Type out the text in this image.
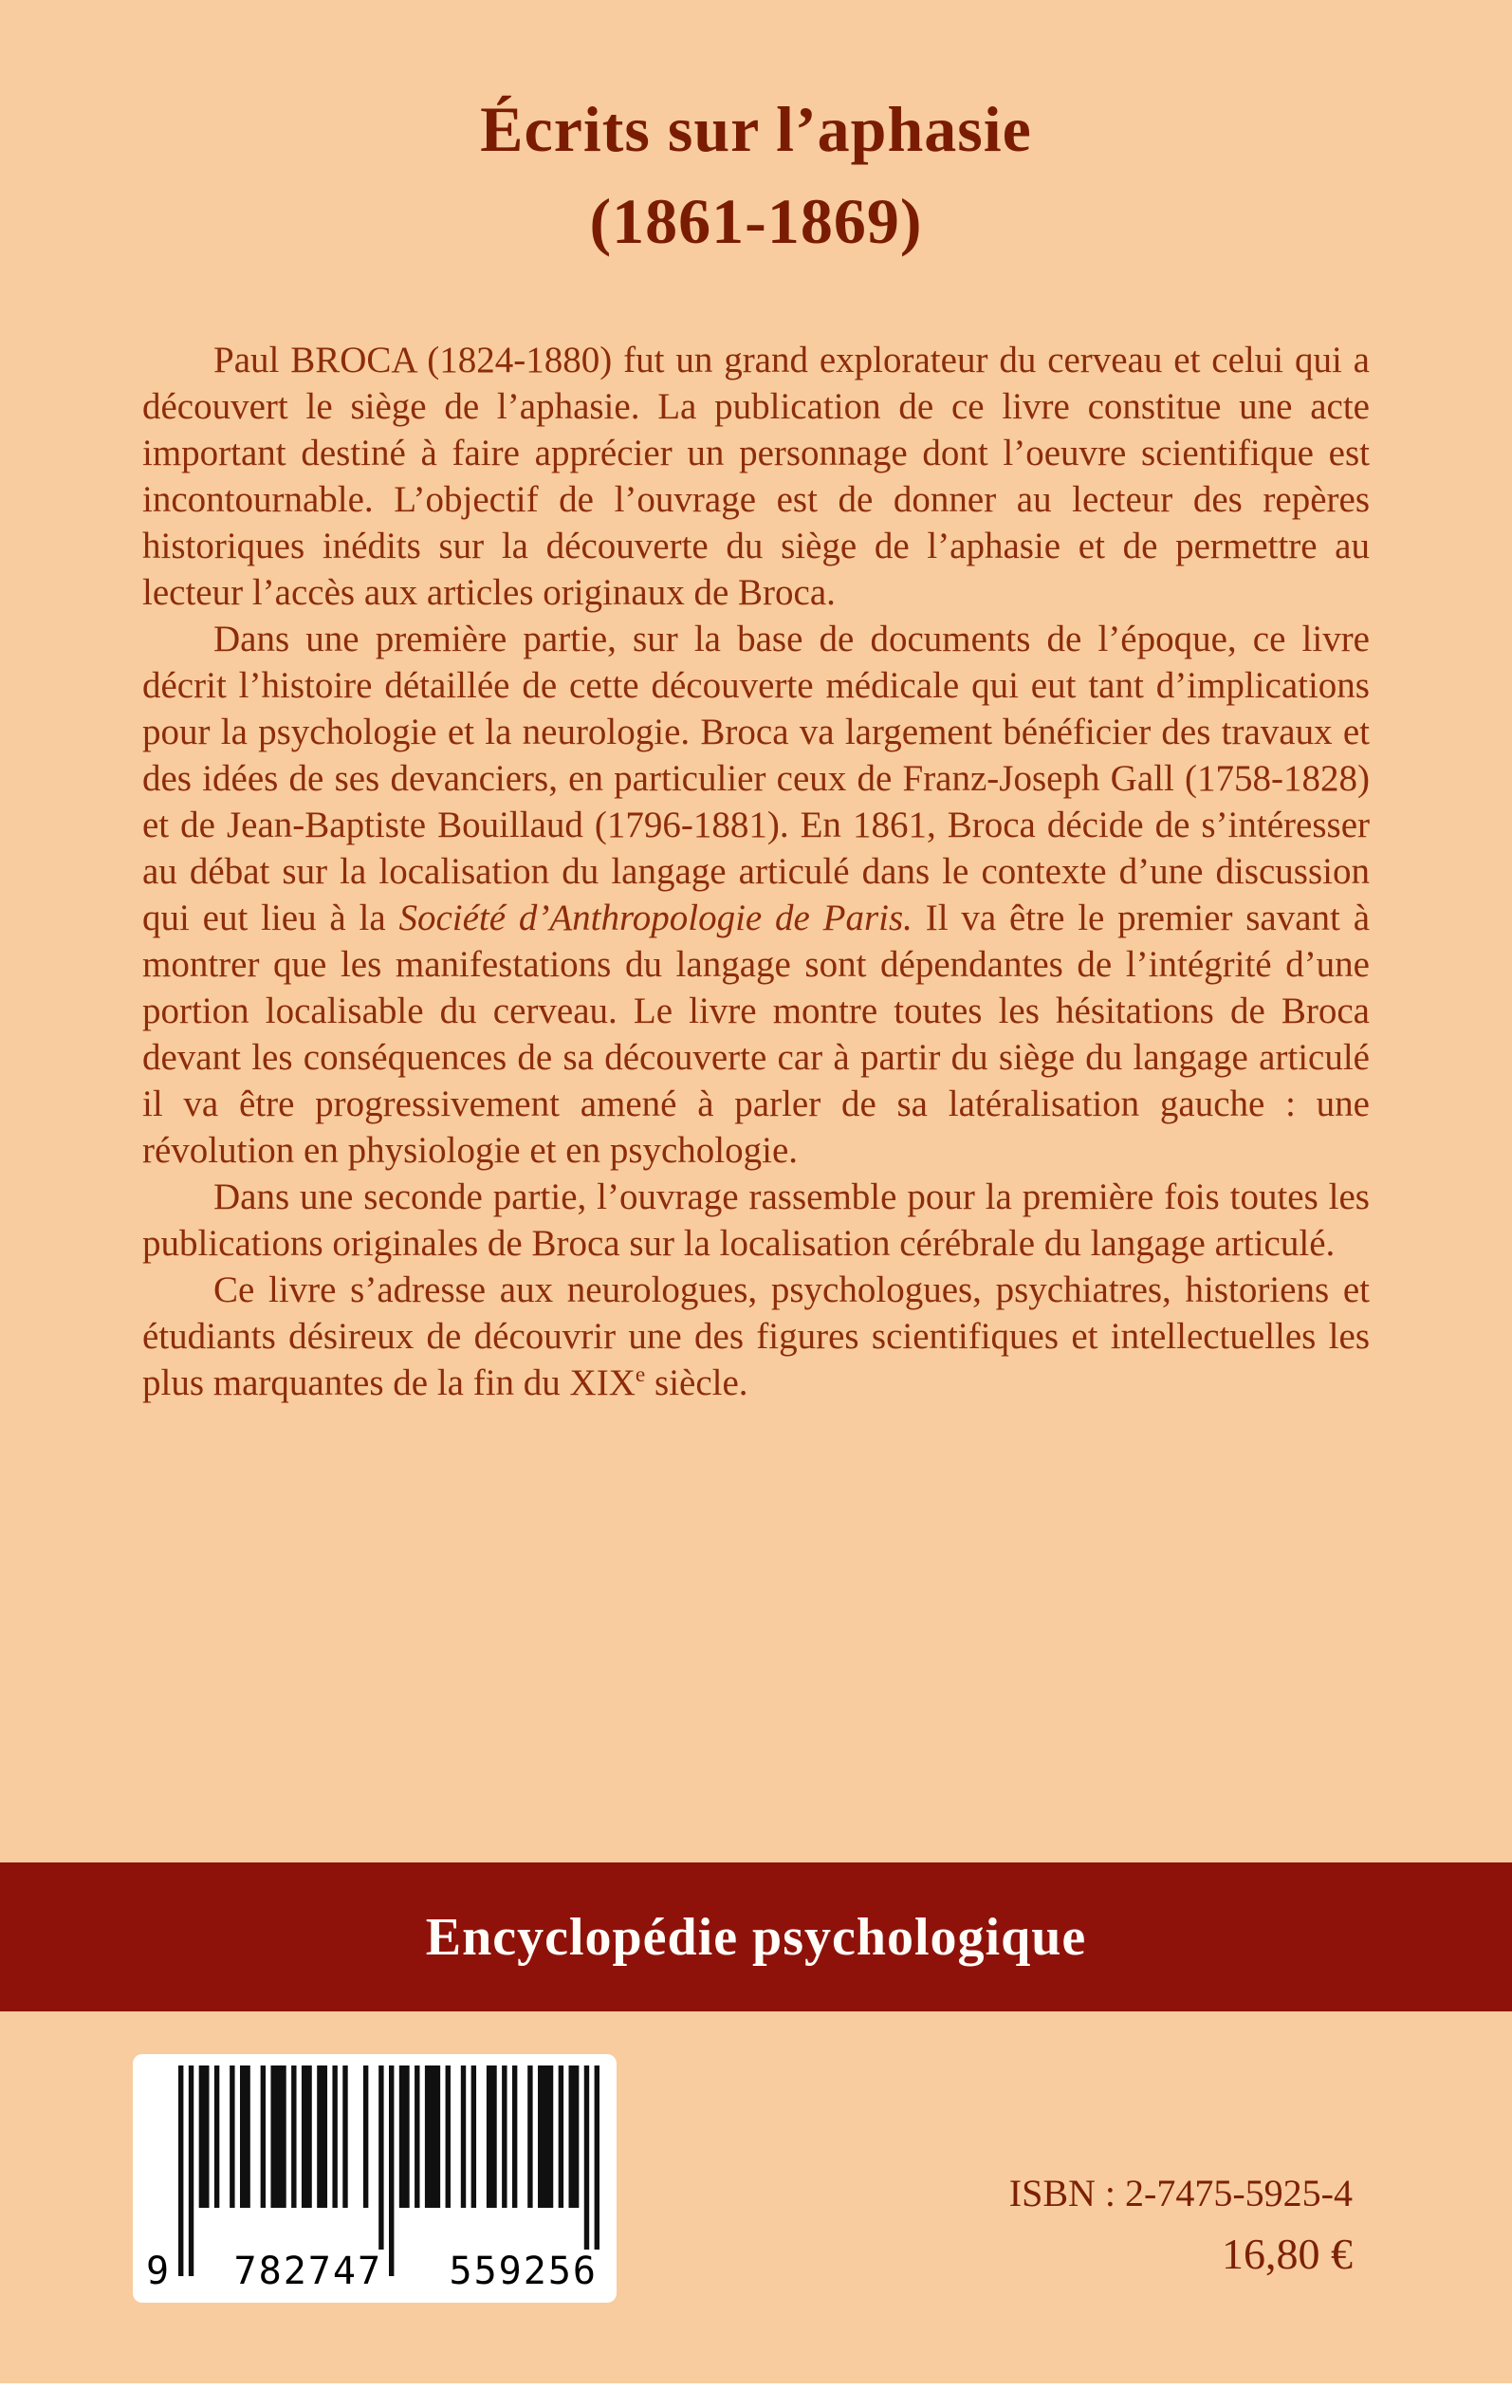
Écrits sur l’aphasie
(1861-1869)

Paul BROCA (1824-1880) fut un grand explorateur du cerveau et celui qui a découvert le siège de l’aphasie. La publication de ce livre constitue une acte important destiné à faire apprécier un personnage dont l’oeuvre scientifique est incontournable. L’objectif de l’ouvrage est de donner au lecteur des repères historiques inédits sur la découverte du siège de l’aphasie et de permettre au lecteur l’accès aux articles originaux de Broca.

Dans une première partie, sur la base de documents de l’époque, ce livre décrit l’histoire détaillée de cette découverte médicale qui eut tant d’implications pour la psychologie et la neurologie. Broca va largement bénéficier des travaux et des idées de ses devanciers, en particulier ceux de Franz-Joseph Gall (1758-1828) et de Jean-Baptiste Bouillaud (1796-1881). En 1861, Broca décide de s’intéresser au débat sur la localisation du langage articulé dans le contexte d’une discussion qui eut lieu à la Société d’Anthropologie de Paris. Il va être le premier savant à montrer que les manifestations du langage sont dépendantes de l’intégrité d’une portion localisable du cerveau. Le livre montre toutes les hésitations de Broca devant les conséquences de sa découverte car à partir du siège du langage articulé il va être progressivement amené à parler de sa latéralisation gauche : une révolution en physiologie et en psychologie.

Dans une seconde partie, l’ouvrage rassemble pour la première fois toutes les publications originales de Broca sur la localisation cérébrale du langage articulé.

Ce livre s’adresse aux neurologues, psychologues, psychiatres, historiens et étudiants désireux de découvrir une des figures scientifiques et intellectuelles les plus marquantes de la fin du XIXe siècle.

Encyclopédie psychologique
9 782747 559256
ISBN : 2-7475-5925-4
16,80 €
